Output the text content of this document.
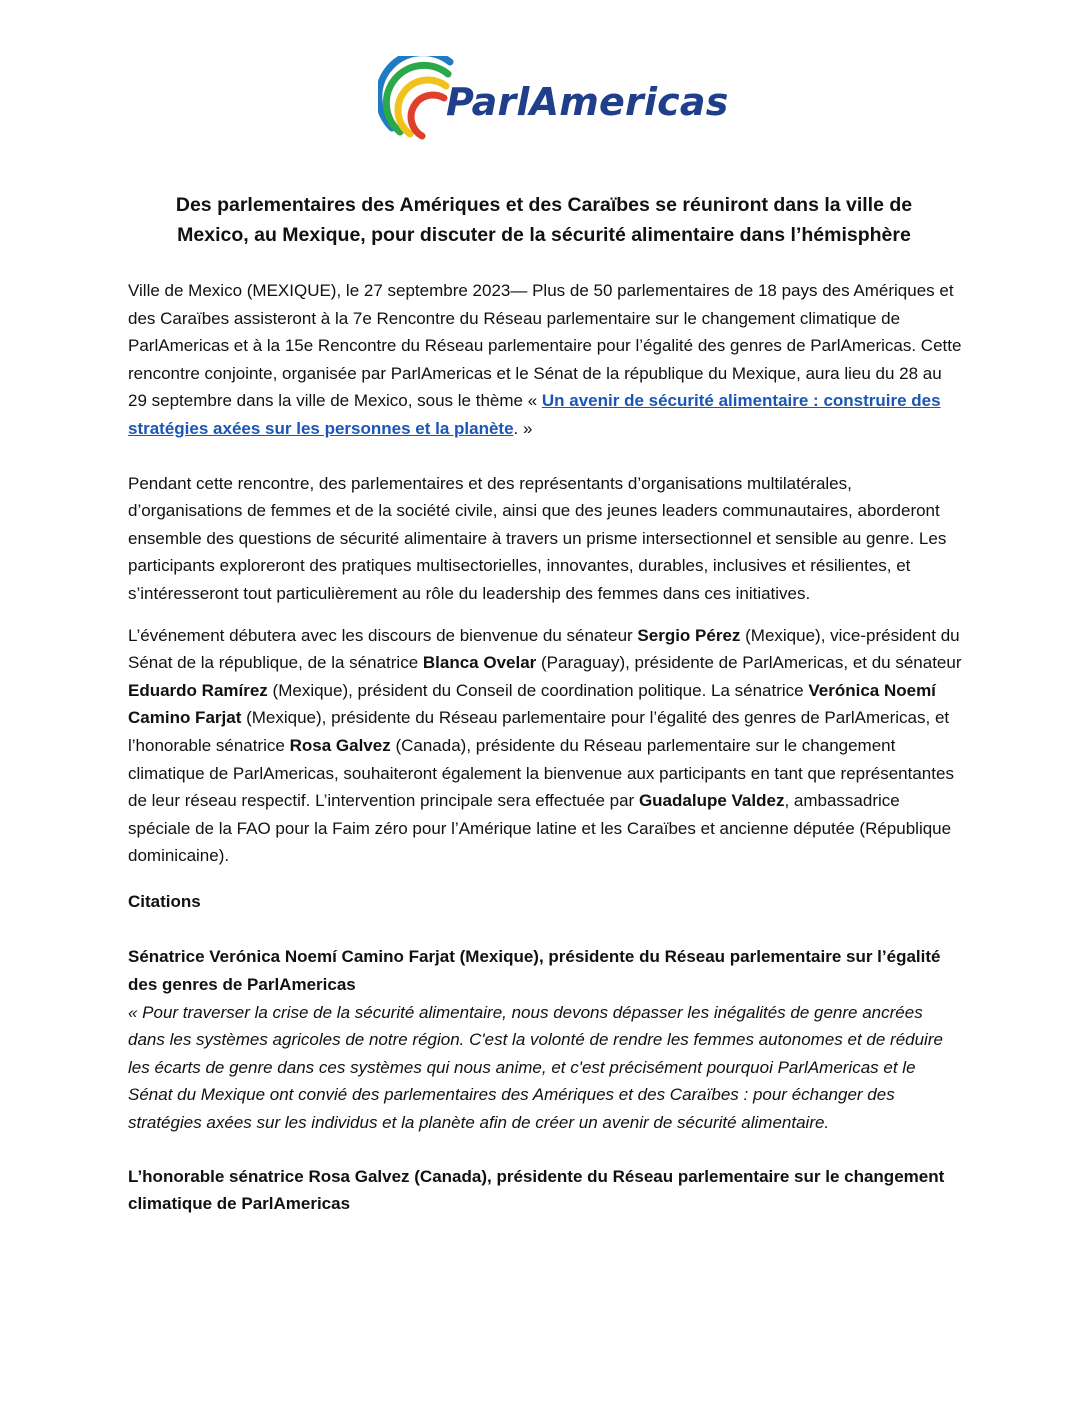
ParlAmericas
Des parlementaires des Amériques et des Caraïbes se réuniront dans la ville de
Mexico, au Mexique, pour discuter de la sécurité alimentaire dans l’hémisphère

Ville de Mexico (MEXIQUE), le 27 septembre 2023— Plus de 50 parlementaires de 18 pays des Amériques et des Caraïbes assisteront à la 7e Rencontre du Réseau parlementaire sur le changement climatique de ParlAmericas et à la 15e Rencontre du Réseau parlementaire pour l’égalité des genres de ParlAmericas. Cette rencontre conjointe, organisée par ParlAmericas et le Sénat de la république du Mexique, aura lieu du 28 au 29 septembre dans la ville de Mexico, sous le thème « Un avenir de sécurité alimentaire : construire des stratégies axées sur les personnes et la planète. »

Pendant cette rencontre, des parlementaires et des représentants d’organisations multilatérales, d’organisations de femmes et de la société civile, ainsi que des jeunes leaders communautaires, aborderont ensemble des questions de sécurité alimentaire à travers un prisme intersectionnel et sensible au genre. Les participants exploreront des pratiques multisectorielles, innovantes, durables, inclusives et résilientes, et s’intéresseront tout particulièrement au rôle du leadership des femmes dans ces initiatives.

L’événement débutera avec les discours de bienvenue du sénateur Sergio Pérez (Mexique), vice-président du Sénat de la république, de la sénatrice Blanca Ovelar (Paraguay), présidente de ParlAmericas, et du sénateur Eduardo Ramírez (Mexique), président du Conseil de coordination politique. La sénatrice Verónica Noemí Camino Farjat (Mexique), présidente du Réseau parlementaire pour l’égalité des genres de ParlAmericas, et l’honorable sénatrice Rosa Galvez (Canada), présidente du Réseau parlementaire sur le changement climatique de ParlAmericas, souhaiteront également la bienvenue aux participants en tant que représentantes de leur réseau respectif. L’intervention principale sera effectuée par Guadalupe Valdez, ambassadrice spéciale de la FAO pour la Faim zéro pour l’Amérique latine et les Caraïbes et ancienne députée (République dominicaine).

Citations

Sénatrice Verónica Noemí Camino Farjat (Mexique), présidente du Réseau parlementaire sur l’égalité des genres de ParlAmericas

« Pour traverser la crise de la sécurité alimentaire, nous devons dépasser les inégalités de genre ancrées dans les systèmes agricoles de notre région. C'est la volonté de rendre les femmes autonomes et de réduire les écarts de genre dans ces systèmes qui nous anime, et c'est précisément pourquoi ParlAmericas et le Sénat du Mexique ont convié des parlementaires des Amériques et des Caraïbes : pour échanger des stratégies axées sur les individus et la planète afin de créer un avenir de sécurité alimentaire.

L’honorable sénatrice Rosa Galvez (Canada), présidente du Réseau parlementaire sur le changement climatique de ParlAmericas
